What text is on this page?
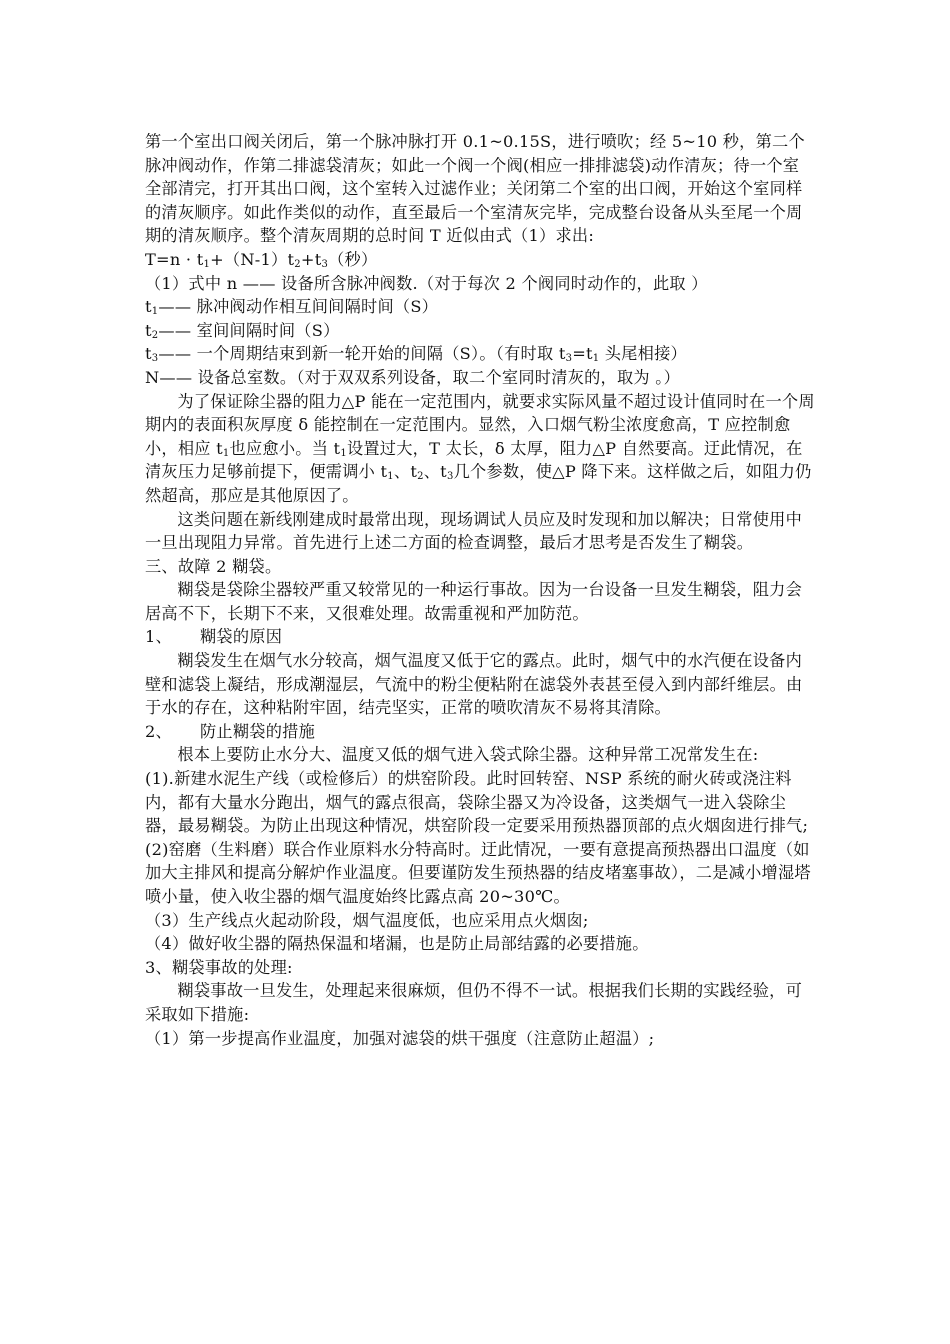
第一个室出口阀关闭后，第一个脉冲脉打开 0.1~0.15S，进行喷吹；经 5~10 秒，第二个脉冲阀动作，作第二排滤袋清灰；如此一个阀一个阀(相应一排排滤袋)动作清灰；待一个室全部清完，打开其出口阀，这个室转入过滤作业；关闭第二个室的出口阀，开始这个室同样的清灰顺序。如此作类似的动作，直至最后一个室清灰完毕，完成整台设备从头至尾一个周期的清灰顺序。整个清灰周期的总时间 T 近似由式（1）求出:

$T=n \cdot t_1+(N-1)t_2+t_3$（秒）

（1）式中 n —— 设备所含脉冲阀数.（对于每次 2 个阀同时动作的，此取 ）

$t_1——$ 脉冲阀动作相互间间隔时间（S）

$t_2——$ 室间间隔时间（S）

$t_3——$ 一个周期结束到新一轮开始的间隔（S）。（有时取 $t_3=t_1$ 头尾相接）

N—— 设备总室数。（对于双双系列设备，取二个室同时清灰的，取为 。）

为了保证除尘器的阻力△P 能在一定范围内，就要求实际风量不超过设计值同时在一个周期内的表面积灰厚度 δ 能控制在一定范围内。显然，入口烟气粉尘浓度愈高，T 应控制愈小，相应 $t_1$也应愈小。当 $t_1$设置过大，T 太长，δ 太厚，阻力△P 自然要高。迂此情况，在清灰压力足够前提下，便需调小 $t_1$、$t_2$、$t_3$几个参数，使△P 降下来。这样做之后，如阻力仍然超高，那应是其他原因了。

这类问题在新线刚建成时最常出现，现场调试人员应及时发现和加以解决；日常使用中一旦出现阻力异常。首先进行上述二方面的检查调整，最后才思考是否发生了糊袋。

三、故障 2 糊袋。

糊袋是袋除尘器较严重又较常见的一种运行事故。因为一台设备一旦发生糊袋，阻力会居高不下，长期下不来，又很难处理。故需重视和严加防范。

1、 糊袋的原因

糊袋发生在烟气水分较高，烟气温度又低于它的露点。此时，烟气中的水汽便在设备内壁和滤袋上凝结，形成潮湿层，气流中的粉尘便粘附在滤袋外表甚至侵入到内部纤维层。由于水的存在，这种粘附牢固，结壳坚实，正常的喷吹清灰不易将其清除。

2、 防止糊袋的措施

根本上要防止水分大、温度又低的烟气进入袋式除尘器。这种异常工况常发生在:

(1).新建水泥生产线（或检修后）的烘窑阶段。此时回转窑、NSP 系统的耐火砖或浇注料内，都有大量水分跑出，烟气的露点很高，袋除尘器又为冷设备，这类烟气一进入袋除尘器，最易糊袋。为防止出现这种情况，烘窑阶段一定要采用预热器顶部的点火烟囱进行排气;

(2)窑磨（生料磨）联合作业原料水分特高时。迂此情况，一要有意提高预热器出口温度（如加大主排风和提高分解炉作业温度。但要谨防发生预热器的结皮堵塞事故），二是减小增湿塔喷小量，使入收尘器的烟气温度始终比露点高 20~30℃。

（3）生产线点火起动阶段，烟气温度低，也应采用点火烟囱;

（4）做好收尘器的隔热保温和堵漏，也是防止局部结露的必要措施。

3、糊袋事故的处理:

糊袋事故一旦发生，处理起来很麻烦，但仍不得不一试。根据我们长期的实践经验，可采取如下措施:

（1）第一步提高作业温度，加强对滤袋的烘干强度（注意防止超温）;
